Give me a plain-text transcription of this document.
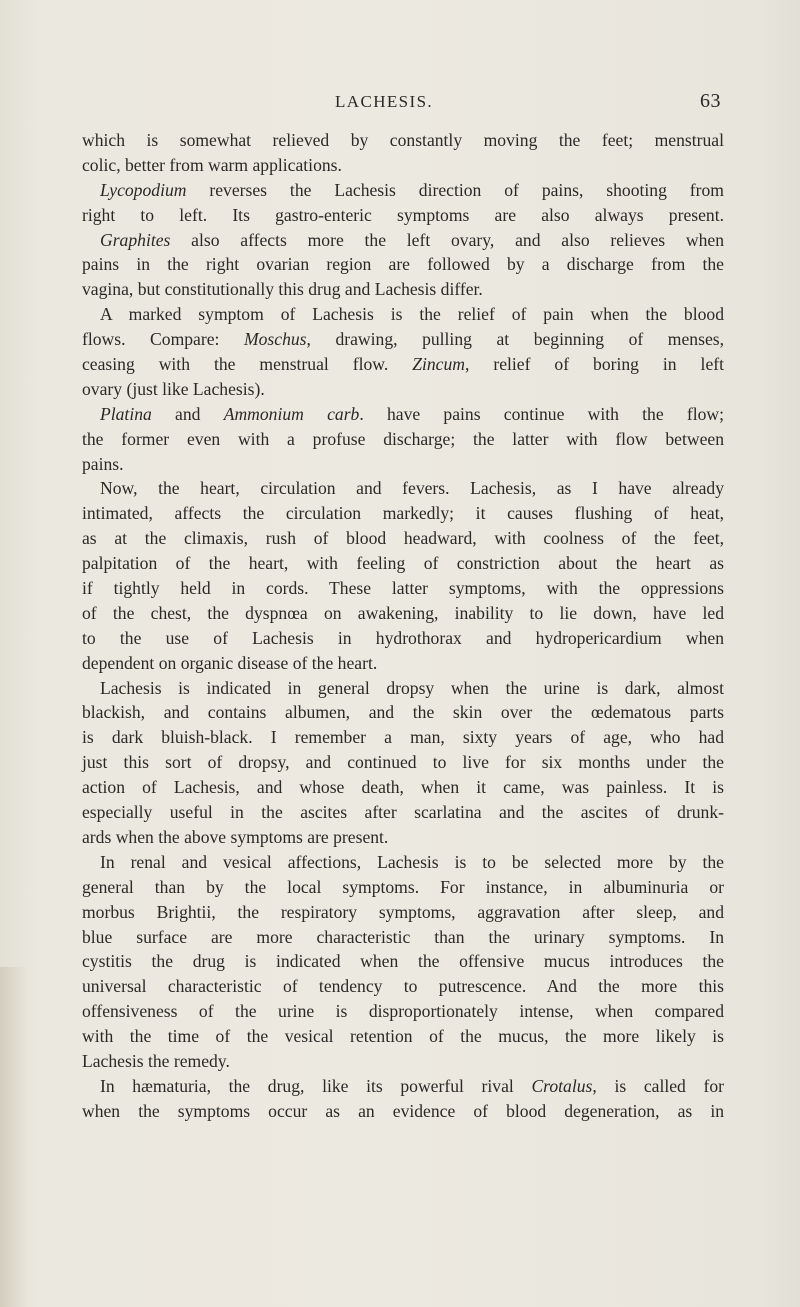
LACHESIS.	63
which is somewhat relieved by constantly moving the feet; menstrual
colic, better from warm applications.
Lycopodium reverses the Lachesis direction of pains, shooting from
right to left. Its gastro-enteric symptoms are also always present.
Graphites also affects more the left ovary, and also relieves when
pains in the right ovarian region are followed by a discharge from the
vagina, but constitutionally this drug and Lachesis differ.
A marked symptom of Lachesis is the relief of pain when the blood
flows. Compare: Moschus, drawing, pulling at beginning of menses,
ceasing with the menstrual flow. Zincum, relief of boring in left
ovary (just like Lachesis).
Platina and Ammonium carb. have pains continue with the flow;
the former even with a profuse discharge; the latter with flow between
pains.
Now, the heart, circulation and fevers. Lachesis, as I have already
intimated, affects the circulation markedly; it causes flushing of heat,
as at the climaxis, rush of blood headward, with coolness of the feet,
palpitation of the heart, with feeling of constriction about the heart as
if tightly held in cords. These latter symptoms, with the oppressions
of the chest, the dyspnœa on awakening, inability to lie down, have led
to the use of Lachesis in hydrothorax and hydropericardium when
dependent on organic disease of the heart.
Lachesis is indicated in general dropsy when the urine is dark, almost
blackish, and contains albumen, and the skin over the œdematous parts
is dark bluish-black. I remember a man, sixty years of age, who had
just this sort of dropsy, and continued to live for six months under the
action of Lachesis, and whose death, when it came, was painless. It is
especially useful in the ascites after scarlatina and the ascites of drunk-
ards when the above symptoms are present.
In renal and vesical affections, Lachesis is to be selected more by the
general than by the local symptoms. For instance, in albuminuria or
morbus Brightii, the respiratory symptoms, aggravation after sleep, and
blue surface are more characteristic than the urinary symptoms. In
cystitis the drug is indicated when the offensive mucus introduces the
universal characteristic of tendency to putrescence. And the more this
offensiveness of the urine is disproportionately intense, when compared
with the time of the vesical retention of the mucus, the more likely is
Lachesis the remedy.
In hæmaturia, the drug, like its powerful rival Crotalus, is called for
when the symptoms occur as an evidence of blood degeneration, as in
